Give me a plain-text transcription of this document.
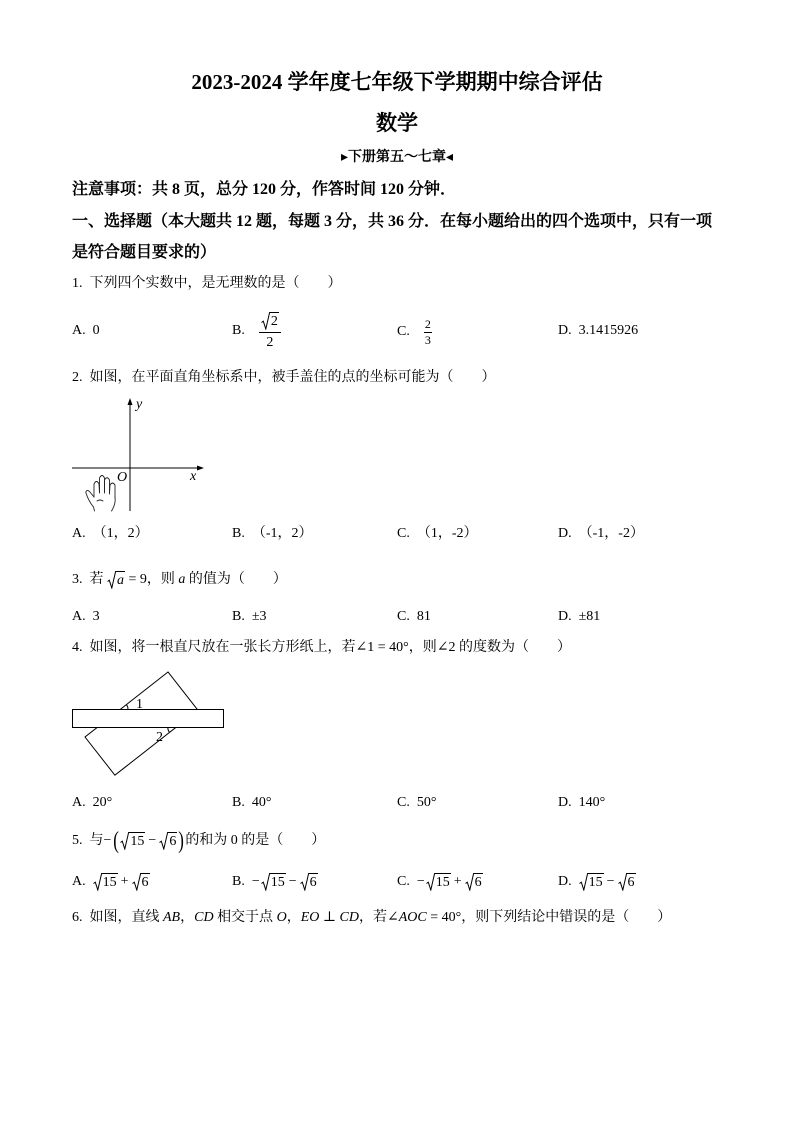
2023-2024 学年度七年级下学期期中综合评估
数学
▸下册第五～七章◂
注意事项：共 8 页，总分 120 分，作答时间 120 分钟．
一、选择题（本大题共 12 题，每题 3 分，共 36 分．在每小题给出的四个选项中，只有一项
是符合题目要求的）
1. 下列四个实数中，是无理数的是（　　）
A. 0	B. $\frac{2}{2}$	C. $\frac{2}{3}$	D. 3.1415926
2. 如图，在平面直角坐标系中，被手盖住的点的坐标可能为（　　）
y
x
O
A. （1，2）	B. （-1，2）	C. （1，-2）	D. （-1，-2）
3. 若 a = 9 ，则 a 的值为（　　）
A. 3	B. ±3	C. 81	D. ±81
4. 如图，将一根直尺放在一张长方形纸上，若∠1 = 40°，则∠2 的度数为（　　）
1
2
A. 20°	B. 40°	C. 50°	D. 140°
5. 与 − ( 15 − 6 ) 的和为 0 的是（　　）
A. 15 + 6	B. − 15 − 6	C. − 15 + 6	D. 15 − 6
6. 如图，直线 AB ， CD 相交于点 O ， EO ⊥ CD ，若 ∠ AOC = 40° ，则下列结论中错误的是（　　）
